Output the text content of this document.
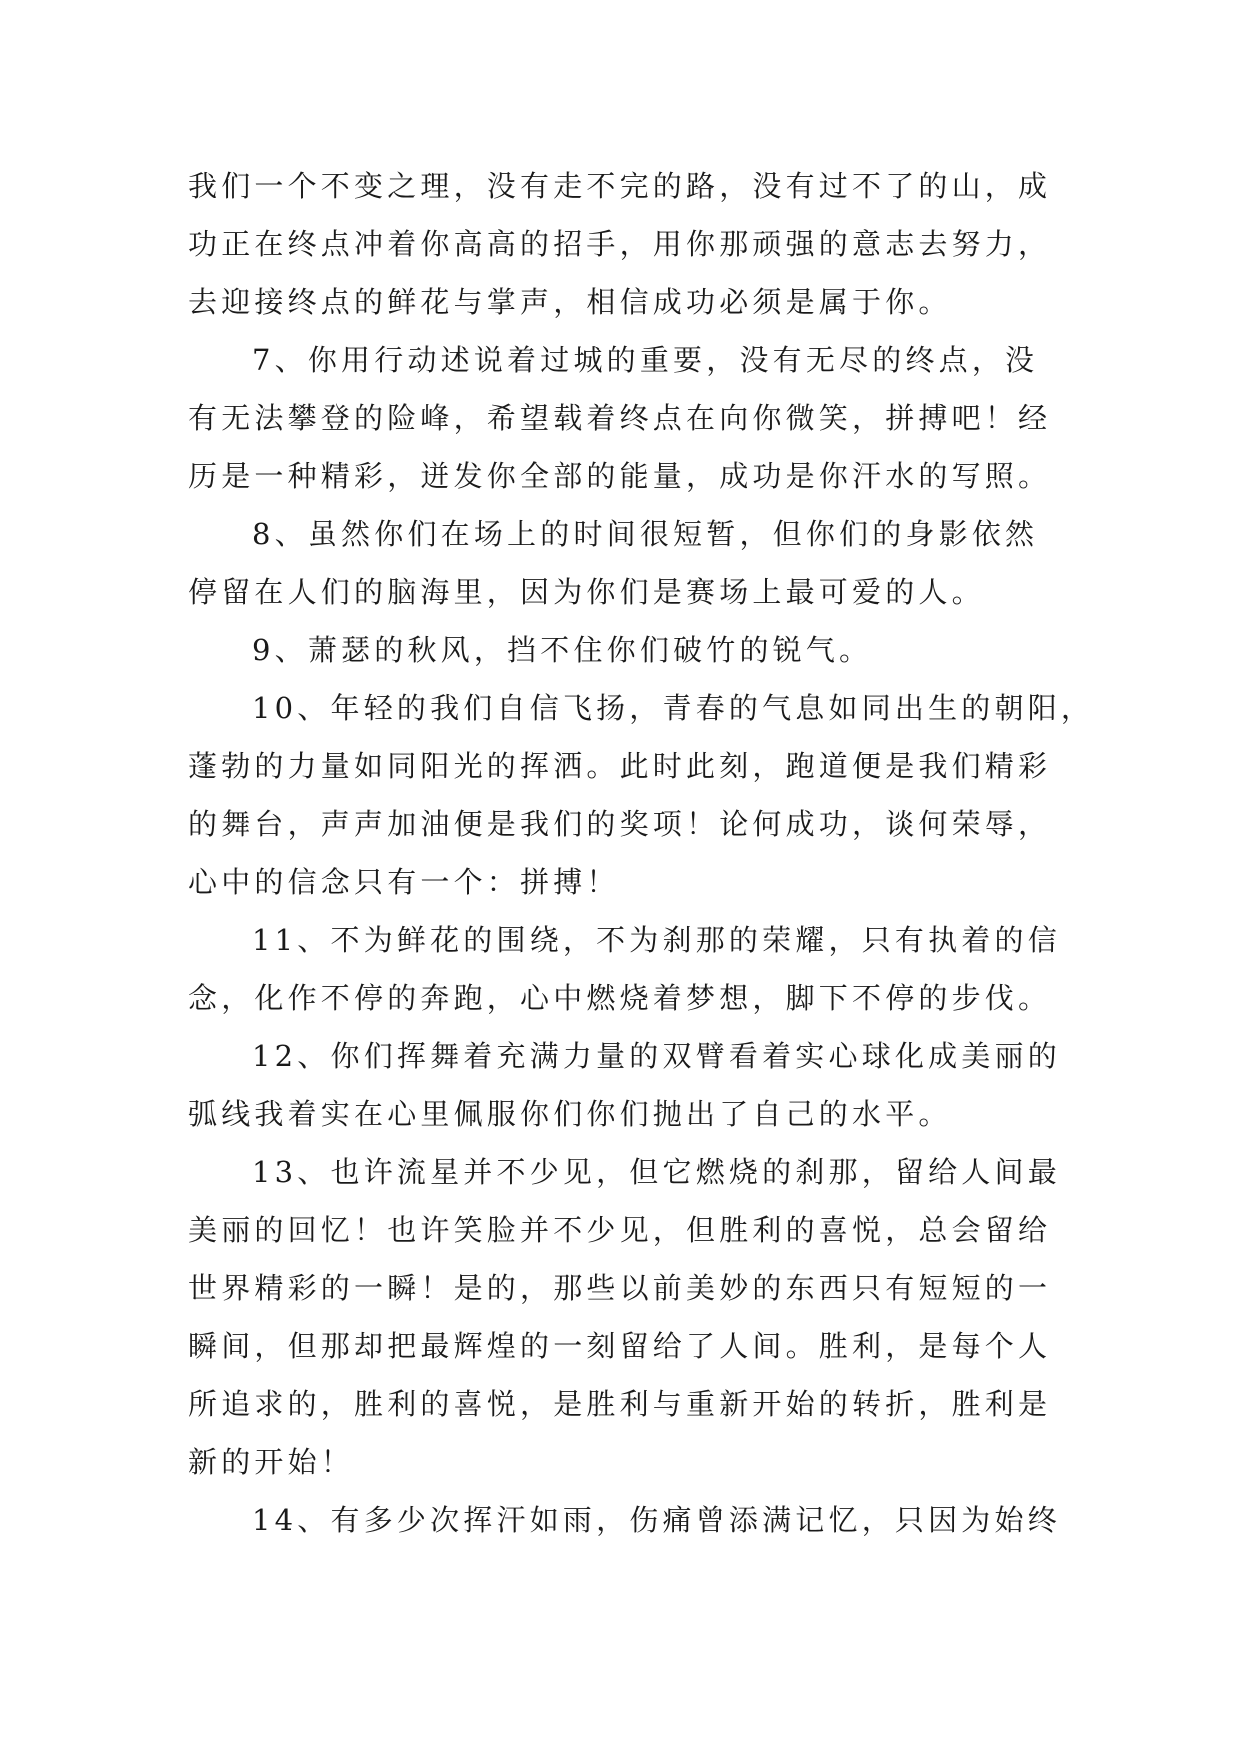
我们一个不变之理，没有走不完的路，没有过不了的山，成
功正在终点冲着你高高的招手，用你那顽强的意志去努力，
去迎接终点的鲜花与掌声，相信成功必须是属于你。
7、你用行动述说着过城的重要，没有无尽的终点，没
有无法攀登的险峰，希望载着终点在向你微笑，拼搏吧！经
历是一种精彩，迸发你全部的能量，成功是你汗水的写照。
8、虽然你们在场上的时间很短暂，但你们的身影依然
停留在人们的脑海里，因为你们是赛场上最可爱的人。
9、萧瑟的秋风，挡不住你们破竹的锐气。
10、年轻的我们自信飞扬，青春的气息如同出生的朝阳，
蓬勃的力量如同阳光的挥洒。此时此刻，跑道便是我们精彩
的舞台，声声加油便是我们的奖项！论何成功，谈何荣辱，
心中的信念只有一个：拼搏！
11、不为鲜花的围绕，不为刹那的荣耀，只有执着的信
念，化作不停的奔跑，心中燃烧着梦想，脚下不停的步伐。
12、你们挥舞着充满力量的双臂看着实心球化成美丽的
弧线我着实在心里佩服你们你们抛出了自己的水平。
13、也许流星并不少见，但它燃烧的刹那，留给人间最
美丽的回忆！也许笑脸并不少见，但胜利的喜悦，总会留给
世界精彩的一瞬！是的，那些以前美妙的东西只有短短的一
瞬间，但那却把最辉煌的一刻留给了人间。胜利，是每个人
所追求的，胜利的喜悦，是胜利与重新开始的转折，胜利是
新的开始！
14、有多少次挥汗如雨，伤痛曾添满记忆，只因为始终
